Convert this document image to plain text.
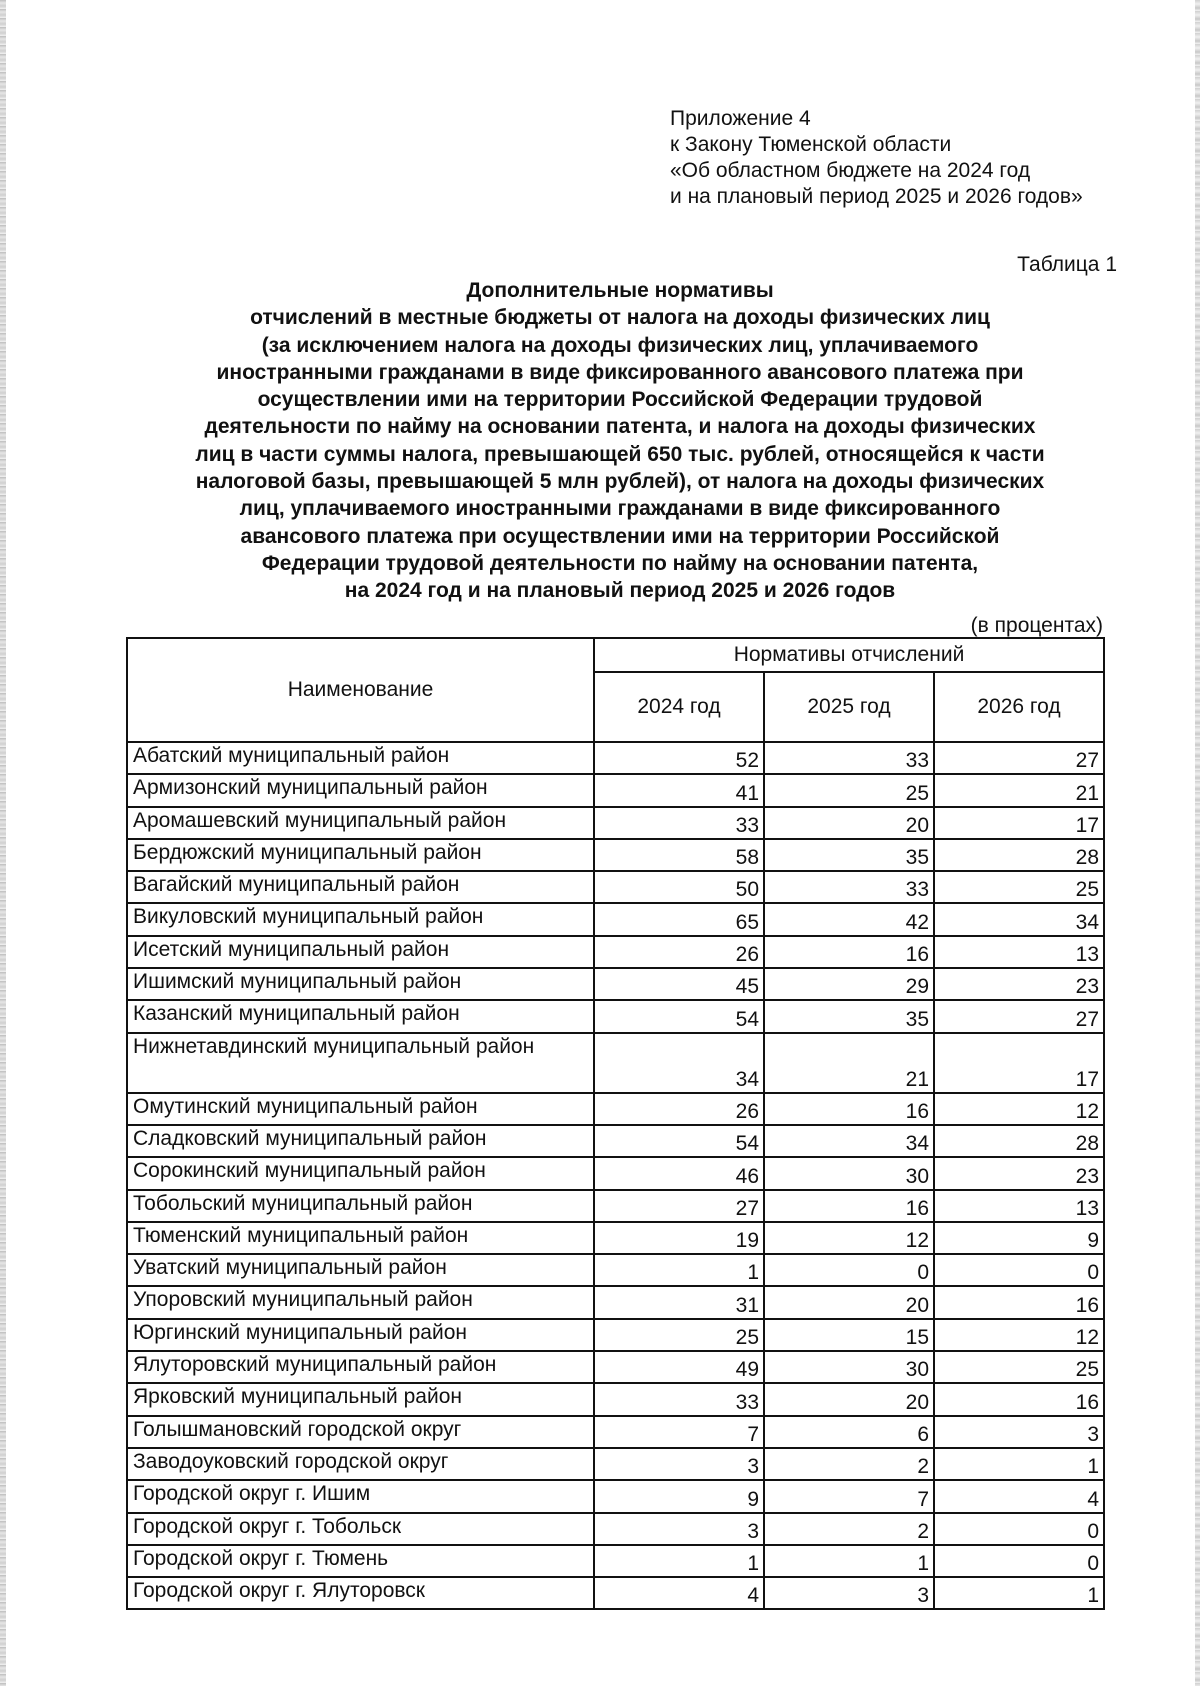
Приложение 4
к Закону Тюменской области
«Об областном бюджете на 2024 год
и на плановый период 2025 и 2026 годов»
Таблица 1
Дополнительные нормативы
отчислений в местные бюджеты от налога на доходы физических лиц
(за исключением налога на доходы физических лиц, уплачиваемого
иностранными гражданами в виде фиксированного авансового платежа при
осуществлении ими на территории Российской Федерации трудовой
деятельности по найму на основании патента, и налога на доходы физических
лиц в части суммы налога, превышающей 650 тыс. рублей, относящейся к части
налоговой базы, превышающей 5 млн рублей), от налога на доходы физических
лиц, уплачиваемого иностранными гражданами в виде фиксированного
авансового платежа при осуществлении ими на территории Российской
Федерации трудовой деятельности по найму на основании патента,
на 2024 год и на плановый период 2025 и 2026 годов
(в процентах)
Наименование	Нормативы отчислений		
	2024 год	2025 год	2026 год
Абатский муниципальный район	52	33	27
Армизонский муниципальный район	41	25	21
Аромашевский муниципальный район	33	20	17
Бердюжский муниципальный район	58	35	28
Вагайский муниципальный район	50	33	25
Викуловский муниципальный район	65	42	34
Исетский муниципальный район	26	16	13
Ишимский муниципальный район	45	29	23
Казанский муниципальный район	54	35	27
Нижнетавдинский муниципальный район	34	21	17
Омутинский муниципальный район	26	16	12
Сладковский муниципальный район	54	34	28
Сорокинский муниципальный район	46	30	23
Тобольский муниципальный район	27	16	13
Тюменский муниципальный район	19	12	9
Уватский муниципальный район	1	0	0
Упоровский муниципальный район	31	20	16
Юргинский муниципальный район	25	15	12
Ялуторовский муниципальный район	49	30	25
Ярковский муниципальный район	33	20	16
Голышмановский городской округ	7	6	3
Заводоуковский городской округ	3	2	1
Городской округ г. Ишим	9	7	4
Городской округ г. Тобольск	3	2	0
Городской округ г. Тюмень	1	1	0
Городской округ г. Ялуторовск	4	3	1
